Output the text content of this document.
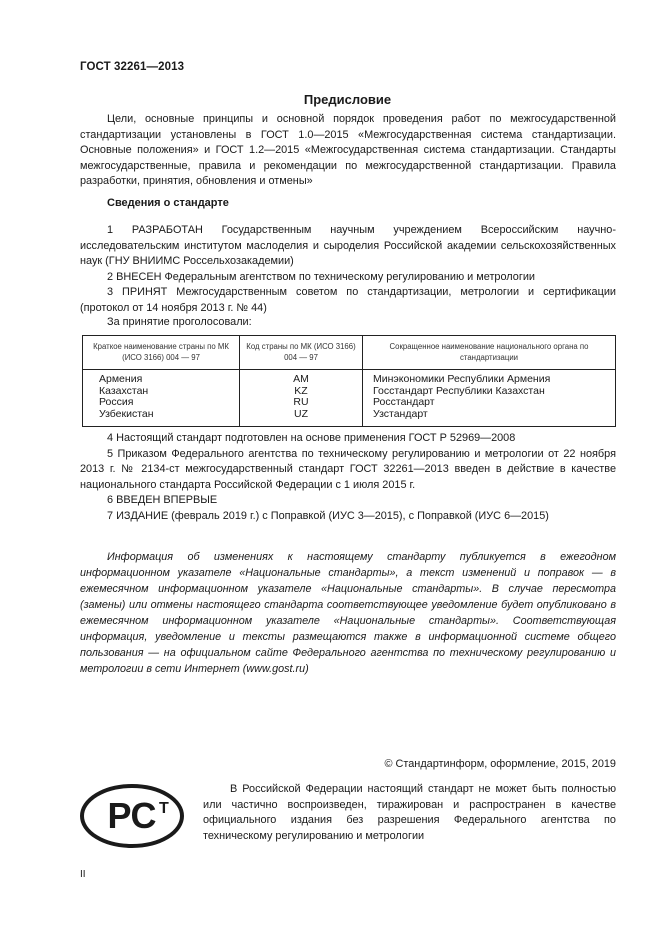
ГОСТ 32261—2013
Предисловие

Цели, основные принципы и основной порядок проведения работ по межгосударственной стандартизации установлены в ГОСТ 1.0—2015 «Межгосударственная система стандартизации. Основные положения» и ГОСТ 1.2—2015 «Межгосударственная система стандартизации. Стандарты межгосударственные, правила и рекомендации по межгосударственной стандартизации. Правила разработки, принятия, обновления и отмены»

Сведения о стандарте

1 РАЗРАБОТАН Государственным научным учреждением Всероссийским научно-исследовательским институтом маслоделия и сыроделия Российской академии сельскохозяйственных наук (ГНУ ВНИИМС Россельхозакадемии)

2 ВНЕСЕН Федеральным агентством по техническому регулированию и метрологии

3 ПРИНЯТ Межгосударственным советом по стандартизации, метрологии и сертификации (протокол от 14 ноября 2013 г. № 44)

За принятие проголосовали:
Краткое наименование страны по МК (ИСО 3166) 004 — 97	Код страны по МК (ИСО 3166) 004 — 97	Сокращенное наименование национального органа по стандартизации
Армения	AM	Минэкономики Республики Армения
Казахстан	KZ	Госстандарт Республики Казахстан
Россия	RU	Росстандарт
Узбекистан	UZ	Узстандарт

4 Настоящий стандарт подготовлен на основе применения ГОСТ Р 52969—2008

5 Приказом Федерального агентства по техническому регулированию и метрологии от 22 ноября 2013 г. № 2134-ст межгосударственный стандарт ГОСТ 32261—2013 введен в действие в качестве национального стандарта Российской Федерации с 1 июля 2015 г.

6 ВВЕДЕН ВПЕРВЫЕ

7 ИЗДАНИЕ (февраль 2019 г.) с Поправкой (ИУС 3—2015), с Поправкой (ИУС 6—2015)

Информация об изменениях к настоящему стандарту публикуется в ежегодном информационном указателе «Национальные стандарты», а текст изменений и поправок — в ежемесячном информационном указателе «Национальные стандарты». В случае пересмотра (замены) или отмены настоящего стандарта соответствующее уведомление будет опубликовано в ежемесячном информационном указателе «Национальные стандарты». Соответствующая информация, уведомление и тексты размещаются также в информационной системе общего пользования — на официальном сайте Федерального агентства по техническому регулированию и метрологии в сети Интернет (www.gost.ru)

© Стандартинформ, оформление, 2015, 2019
РС Т

В Российской Федерации настоящий стандарт не может быть полностью или частично воспроизведен, тиражирован и распространен в качестве официального издания без разрешения Федерального агентства по техническому регулированию и метрологии

II
